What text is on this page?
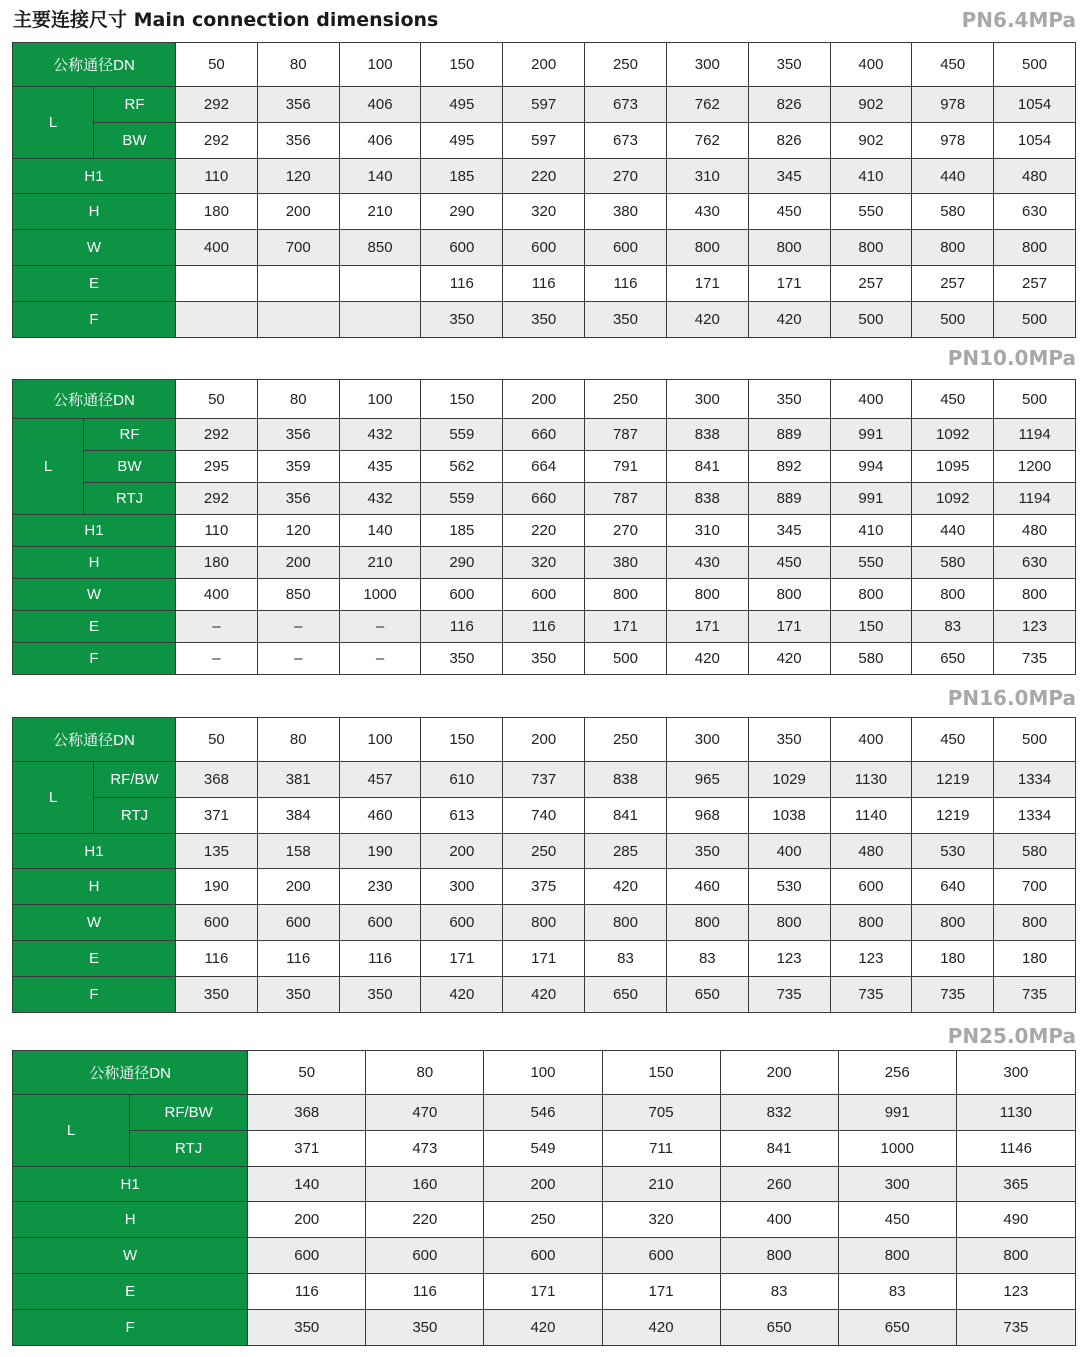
主要连接尺寸 Main connection dimensions	PN6.4MPa
公称通径DN		50	80	100	150	200	250	300	350	400	450	500
L	RF	292	356	406	495	597	673	762	826	902	978	1054
	BW	292	356	406	495	597	673	762	826	902	978	1054
H1		110	120	140	185	220	270	310	345	410	440	480
H		180	200	210	290	320	380	430	450	550	580	630
W		400	700	850	600	600	600	800	800	800	800	800
E					116	116	116	171	171	257	257	257
F					350	350	350	420	420	500	500	500
PN10.0MPa
公称通径DN		50	80	100	150	200	250	300	350	400	450	500
L	RF	292	356	432	559	660	787	838	889	991	1092	1194
	BW	295	359	435	562	664	791	841	892	994	1095	1200
	RTJ	292	356	432	559	660	787	838	889	991	1092	1194
H1		110	120	140	185	220	270	310	345	410	440	480
H		180	200	210	290	320	380	430	450	550	580	630
W		400	850	1000	600	600	800	800	800	800	800	800
E		–	–	–	116	116	171	171	171	150	83	123
F		–	–	–	350	350	500	420	420	580	650	735
PN16.0MPa
公称通径DN		50	80	100	150	200	250	300	350	400	450	500
L	RF/BW	368	381	457	610	737	838	965	1029	1130	1219	1334
	RTJ	371	384	460	613	740	841	968	1038	1140	1219	1334
H1		135	158	190	200	250	285	350	400	480	530	580
H		190	200	230	300	375	420	460	530	600	640	700
W		600	600	600	600	800	800	800	800	800	800	800
E		116	116	116	171	171	83	83	123	123	180	180
F		350	350	350	420	420	650	650	735	735	735	735
PN25.0MPa
公称通径DN		50	80	100	150	200	256	300
L	RF/BW	368	470	546	705	832	991	1130
	RTJ	371	473	549	711	841	1000	1146
H1		140	160	200	210	260	300	365
H		200	220	250	320	400	450	490
W		600	600	600	600	800	800	800
E		116	116	171	171	83	83	123
F		350	350	420	420	650	650	735
